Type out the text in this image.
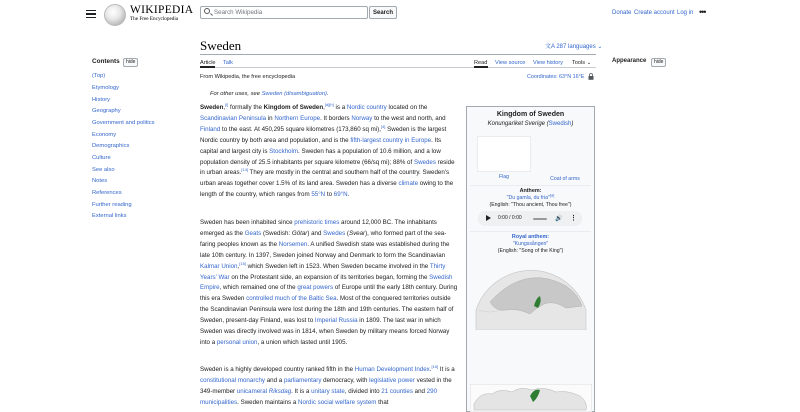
WIKIPEDIA
The Free Encyclopedia
Search Wikipedia
Search	Donate Create account Log in •••
Contents	hide
(Top)
Etymology
History
Geography
Government and politics
Economy
Demographics
Culture
See also
Notes
References
Further reading
External links
Sweden	文A 287 languages ⌄
Article Talk	Read View source View history Tools ⌄
From Wikipedia, the free encyclopedia	Coordinates: 63°N 16°E
For other uses, see Sweden (disambiguation).
Sweden,[i] formally the Kingdom of Sweden,[d][h] is a Nordic country located on the Scandinavian Peninsula in Northern Europe. It borders Norway to the west and north, and Finland to the east. At 450,295 square kilometres (173,860 sq mi),[4] Sweden is the largest Nordic country by both area and population, and is the fifth-largest country in Europe. Its capital and largest city is Stockholm. Sweden has a population of 10.6 million, and a low population density of 25.5 inhabitants per square kilometre (66/sq mi); 88% of Swedes reside in urban areas.[14] They are mostly in the central and southern half of the country. Sweden's urban areas together cover 1.5% of its land area. Sweden has a diverse climate owing to the length of the country, which ranges from 55°N to 69°N.
Sweden has been inhabited since prehistoric times around 12,000 BC. The inhabitants emerged as the Geats (Swedish: Götar) and Swedes (Svear), who formed part of the sea-faring peoples known as the Norsemen. A unified Swedish state was established during the late 10th century. In 1397, Sweden joined Norway and Denmark to form the Scandinavian Kalmar Union,[15] which Sweden left in 1523. When Sweden became involved in the Thirty Years' War on the Protestant side, an expansion of its territories began, forming the Swedish Empire, which remained one of the great powers of Europe until the early 18th century. During this era Sweden controlled much of the Baltic Sea. Most of the conquered territories outside the Scandinavian Peninsula were lost during the 18th and 19th centuries. The eastern half of Sweden, present-day Finland, was lost to Imperial Russia in 1809. The last war in which Sweden was directly involved was in 1814, when Sweden by military means forced Norway into a personal union, a union which lasted until 1905.
Sweden is a highly developed country ranked fifth in the Human Development Index.[16] It is a constitutional monarchy and a parliamentary democracy, with legislative power vested in the 349-member unicameral Riksdag. It is a unitary state, divided into 21 counties and 290 municipalities. Sweden maintains a Nordic social welfare system that
Appearance	hide
Kingdom of Sweden
Konungariket Sverige (Swedish)
Flag	Coat of arms
Anthem:
"Du gamla, du fria"[a]
(English: "Thou ancient, Thou free")
0:00 / 0:00	🔊 ⋮
Royal anthem:
"Kungssången"
(English: "Song of the King")
